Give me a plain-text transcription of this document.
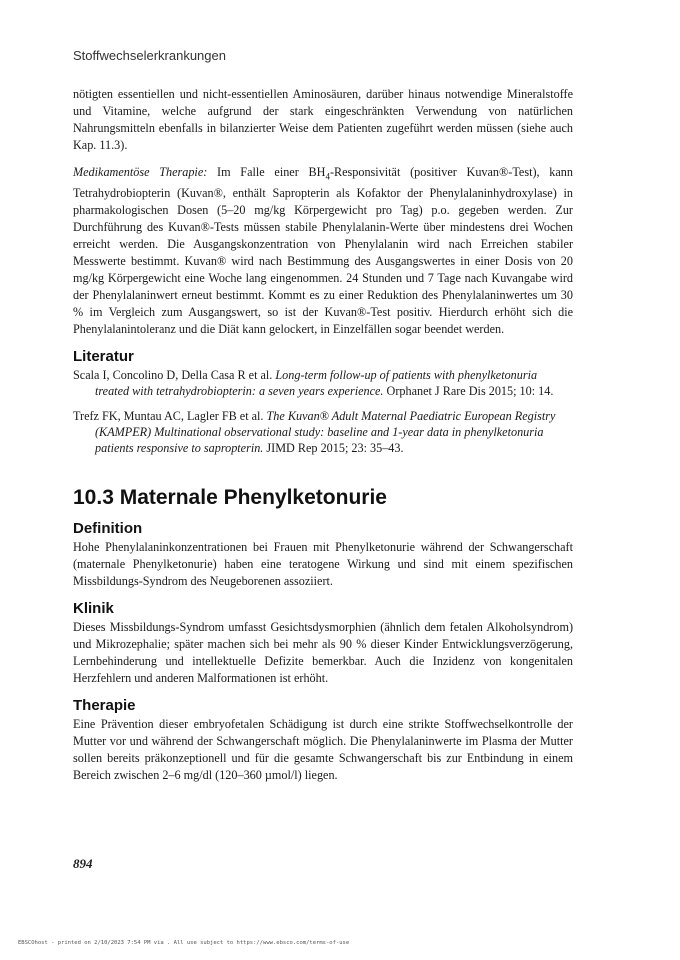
Stoffwechselerkrankungen

nötigten essentiellen und nicht-essentiellen Aminosäuren, darüber hinaus notwendige Mineralstoffe und Vitamine, welche aufgrund der stark eingeschränkten Verwendung von natürlichen Nahrungsmitteln ebenfalls in bilanzierter Weise dem Patienten zugeführt werden müssen (siehe auch Kap. 11.3).

Medikamentöse Therapie: Im Falle einer $BH_4$-Responsivität (positiver Kuvan®-Test), kann Tetrahydrobiopterin (Kuvan®, enthält Sapropterin als Kofaktor der Phenylalaninhydroxylase) in pharmakologischen Dosen (5–20 mg/kg Körpergewicht pro Tag) p.o. gegeben werden. Zur Durchführung des Kuvan®-Tests müssen stabile Phenylalanin-Werte über mindestens drei Wochen erreicht werden. Die Ausgangskonzentration von Phenylalanin wird nach Erreichen stabiler Messwerte bestimmt. Kuvan® wird nach Bestimmung des Ausgangswertes in einer Dosis von 20 mg/kg Körpergewicht eine Woche lang eingenommen. 24 Stunden und 7 Tage nach Kuvangabe wird der Phenylalaninwert erneut bestimmt. Kommt es zu einer Reduktion des Phenylalaninwertes um 30 % im Vergleich zum Ausgangswert, so ist der Kuvan®-Test positiv. Hierdurch erhöht sich die Phenylalanintoleranz und die Diät kann gelockert, in Einzelfällen sogar beendet werden.

Literatur

Scala I, Concolino D, Della Casa R et al. Long-term follow-up of patients with phenylketonuria treated with tetrahydrobiopterin: a seven years experience. Orphanet J Rare Dis 2015; 10: 14.

Trefz FK, Muntau AC, Lagler FB et al. The Kuvan® Adult Maternal Paediatric European Registry (KAMPER) Multinational observational study: baseline and 1-year data in phenylketonuria patients responsive to sapropterin. JIMD Rep 2015; 23: 35–43.

10.3 Maternale Phenylketonurie
Definition

Hohe Phenylalaninkonzentrationen bei Frauen mit Phenylketonurie während der Schwangerschaft (maternale Phenylketonurie) haben eine teratogene Wirkung und sind mit einem spezifischen Missbildungs-Syndrom des Neugeborenen assoziiert.

Klinik

Dieses Missbildungs-Syndrom umfasst Gesichtsdysmorphien (ähnlich dem fetalen Alkoholsyndrom) und Mikrozephalie; später machen sich bei mehr als 90 % dieser Kinder Entwicklungsverzögerung, Lernbehinderung und intellektuelle Defizite bemerkbar. Auch die Inzidenz von kongenitalen Herzfehlern und anderen Malformationen ist erhöht.

Therapie

Eine Prävention dieser embryofetalen Schädigung ist durch eine strikte Stoffwechselkontrolle der Mutter vor und während der Schwangerschaft möglich. Die Phenylalaninwerte im Plasma der Mutter sollen bereits präkonzeptionell und für die gesamte Schwangerschaft bis zur Entbindung in einem Bereich zwischen 2–6 mg/dl (120–360 µmol/l) liegen.

894
EBSCOhost - printed on 2/10/2023 7:54 PM via . All use subject to https://www.ebsco.com/terms-of-use
